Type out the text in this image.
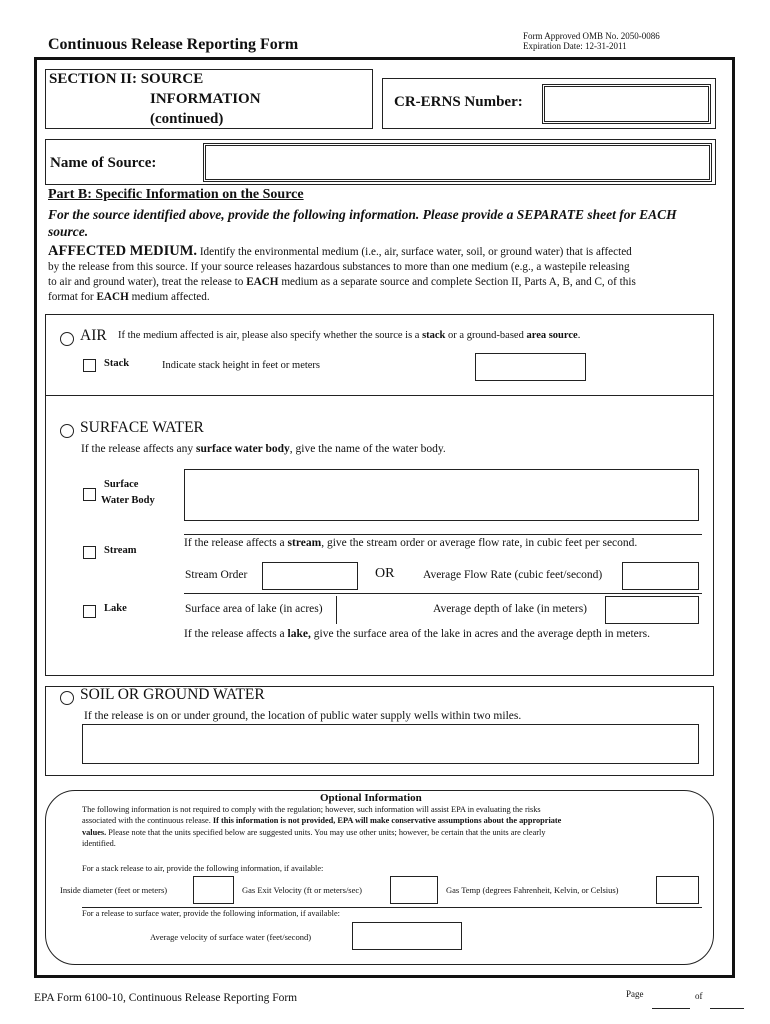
Continuous Release Reporting Form	Form Approved OMB No. 2050-0086
Expiration Date: 12-31-2011
SECTION II: SOURCE
INFORMATION
(continued)
CR-ERNS Number:
Name of Source:
Part B: Specific Information on the Source
For the source identified above, provide the following information. Please provide a SEPARATE sheet for EACH source.
AFFECTED MEDIUM. Identify the environmental medium (i.e., air, surface water, soil, or ground water) that is affected
by the release from this source. If your source releases hazardous substances to more than one medium (e.g., a wastepile releasing
to air and ground water), treat the release to EACH medium as a separate source and complete Section II, Parts A, B, and C, of this
format for EACH medium affected.
AIR If the medium affected is air, please also specify whether the source is a stack or a ground-based area source.
Stack	Indicate stack height in feet or meters
SURFACE WATER
If the release affects any surface water body, give the name of the water body.
Surface
Water Body
Stream
If the release affects a stream, give the stream order or average flow rate, in cubic feet per second.
Stream Order	OR Average Flow Rate (cubic feet/second)
Lake	Surface area of lake (in acres)	Average depth of lake (in meters)
If the release affects a lake, give the surface area of the lake in acres and the average depth in meters.
SOIL OR GROUND WATER
If the release is on or under ground, the location of public water supply wells within two miles.
Optional Information
The following information is not required to comply with the regulation; however, such information will assist EPA in evaluating the risks
associated with the continuous release. If this information is not provided, EPA will make conservative assumptions about the appropriate
values. Please note that the units specified below are suggested units. You may use other units; however, be certain that the units are clearly
identified.
For a stack release to air, provide the following information, if available:
Inside diameter (feet or meters)	Gas Exit Velocity (ft or meters/sec)	Gas Temp (degrees Fahrenheit, Kelvin, or Celsius)
For a release to surface water, provide the following information, if available:
Average velocity of surface water (feet/second)
EPA Form 6100-10, Continuous Release Reporting Form	Page	of
